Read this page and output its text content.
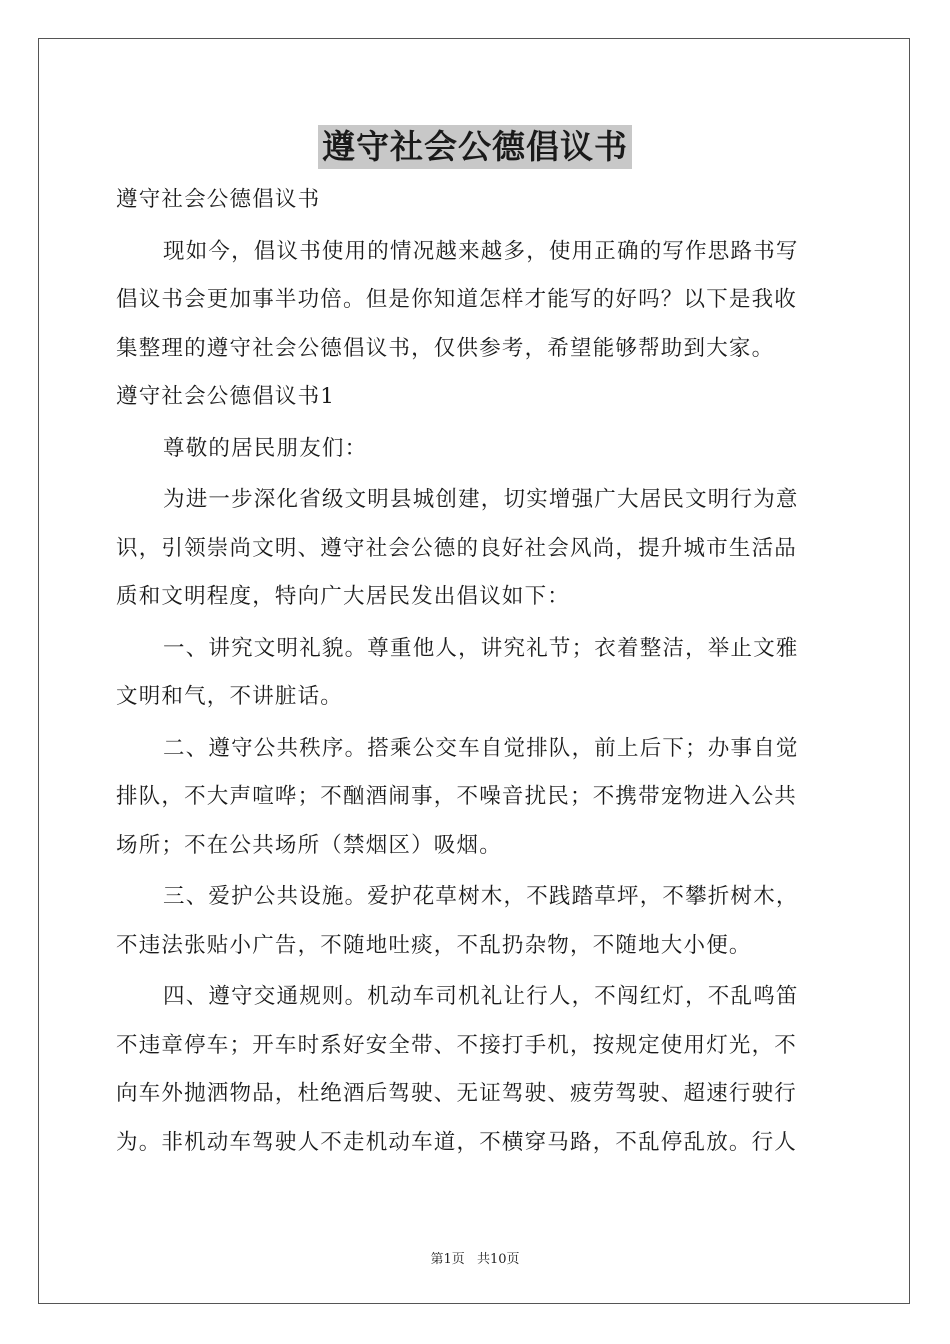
遵守社会公德倡议书

遵守社会公德倡议书

现如今，倡议书使用的情况越来越多，使用正确的写作思路书写

倡议书会更加事半功倍。但是你知道怎样才能写的好吗？以下是我收

集整理的遵守社会公德倡议书，仅供参考，希望能够帮助到大家。

遵守社会公德倡议书1

尊敬的居民朋友们：

为进一步深化省级文明县城创建，切实增强广大居民文明行为意

识，引领崇尚文明、遵守社会公德的良好社会风尚，提升城市生活品

质和文明程度，特向广大居民发出倡议如下：

一、讲究文明礼貌。尊重他人，讲究礼节；衣着整洁，举止文雅

文明和气，不讲脏话。

二、遵守公共秩序。搭乘公交车自觉排队，前上后下；办事自觉

排队，不大声喧哗；不酗酒闹事，不噪音扰民；不携带宠物进入公共

场所；不在公共场所（禁烟区）吸烟。

三、爱护公共设施。爱护花草树木，不践踏草坪，不攀折树木，

不违法张贴小广告，不随地吐痰，不乱扔杂物，不随地大小便。

四、遵守交通规则。机动车司机礼让行人，不闯红灯，不乱鸣笛

不违章停车；开车时系好安全带、不接打手机，按规定使用灯光，不

向车外抛洒物品，杜绝酒后驾驶、无证驾驶、疲劳驾驶、超速行驶行

为。非机动车驾驶人不走机动车道，不横穿马路，不乱停乱放。行人

第1页 共10页
